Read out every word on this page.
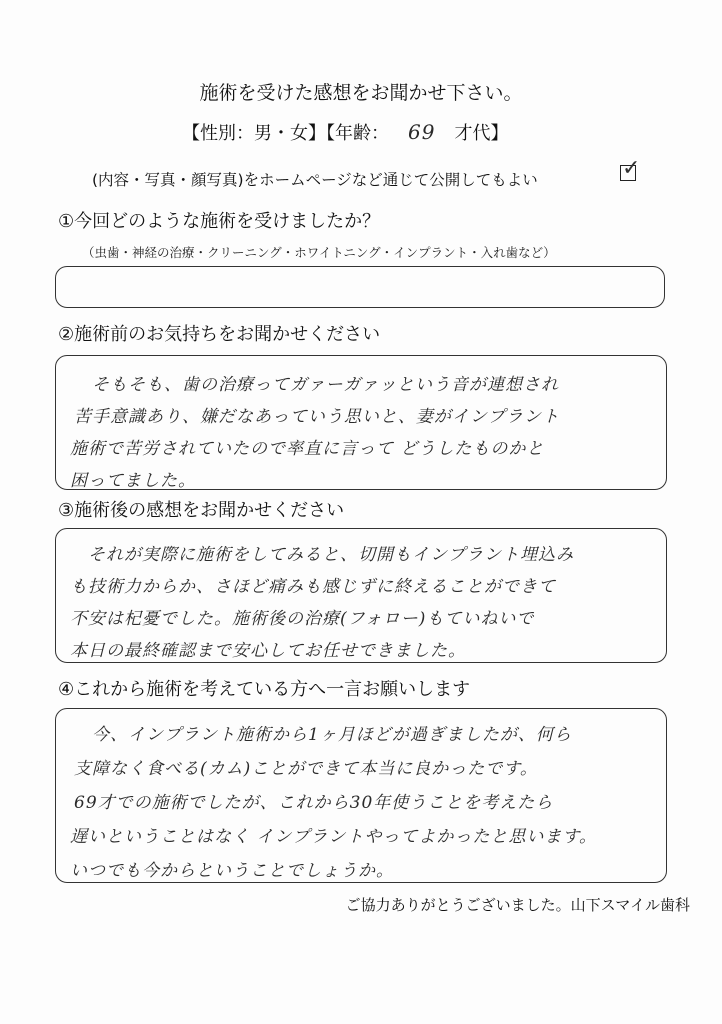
施術を受けた感想をお聞かせ下さい。
【性別：男・女】【年齢： 69 才代】
(内容・写真・顔写真)をホームページなど通じて公開してもよい	✓
①今回どのような施術を受けましたか？
（虫歯・神経の治療・クリーニング・ホワイトニング・インプラント・入れ歯など）
②施術前のお気持ちをお聞かせください
そもそも、歯の治療ってガァーガァッという音が連想され
苦手意識あり、嫌だなあっていう思いと、妻がインプラント
施術で苦労されていたので率直に言って どうしたものかと
困ってました。
③施術後の感想をお聞かせください
それが実際に施術をしてみると、切開もインプラント埋込み
も技術力からか、さほど痛みも感じずに終えることができて
不安は杞憂でした。施術後の治療(フォロー)もていねいで
本日の最終確認まで安心してお任せできました。
④これから施術を考えている方へ一言お願いします
今、インプラント施術から1ヶ月ほどが過ぎましたが、何ら
支障なく食べる(カム)ことができて本当に良かったです。
69才での施術でしたが、これから30年使うことを考えたら
遅いということはなく インプラントやってよかったと思います。
いつでも今からということでしょうか。
ご協力ありがとうございました。山下スマイル歯科
